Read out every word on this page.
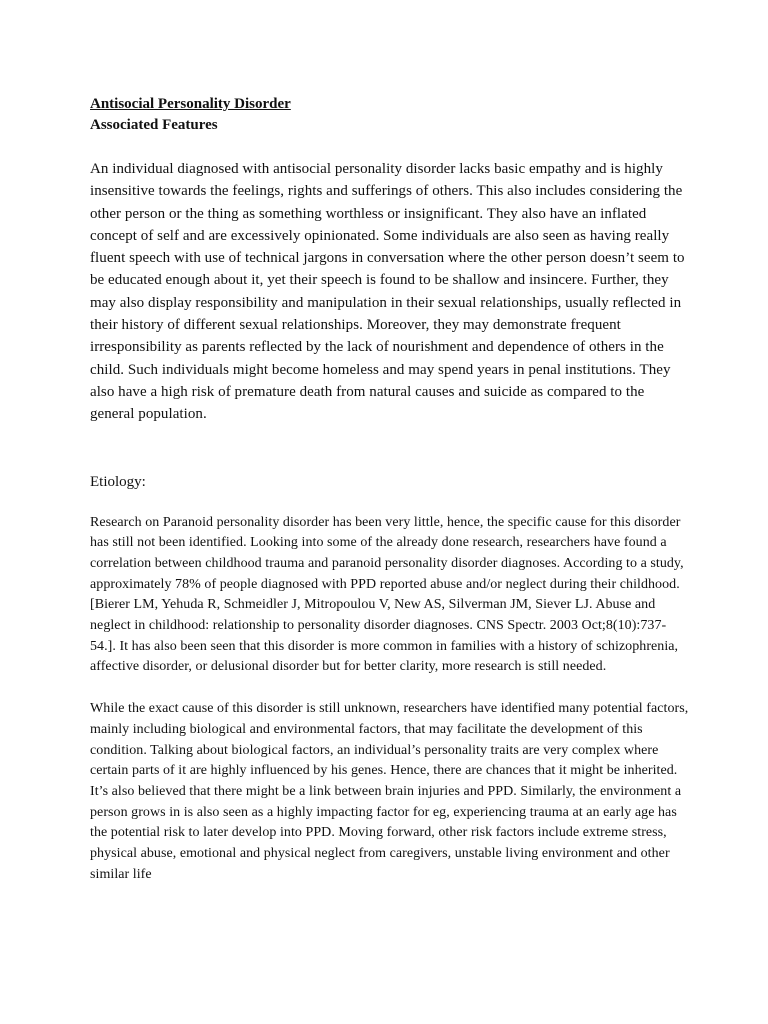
Antisocial Personality Disorder

Associated Features

An individual diagnosed with antisocial personality disorder lacks basic empathy and is highly insensitive towards the feelings, rights and sufferings of others. This also includes considering the other person or the thing as something worthless or insignificant. They also have an inflated concept of self and are excessively opinionated. Some individuals are also seen as having really fluent speech with use of technical jargons in conversation where the other person doesn’t seem to be educated enough about it, yet their speech is found to be shallow and insincere. Further, they may also display responsibility and manipulation in their sexual relationships, usually reflected in their history of different sexual relationships. Moreover, they may demonstrate frequent irresponsibility as parents reflected by the lack of nourishment and dependence of others in the child. Such individuals might become homeless and may spend years in penal institutions. They also have a high risk of premature death from natural causes and suicide as compared to the general population.

Etiology:

Research on Paranoid personality disorder has been very little, hence, the specific cause for this disorder has still not been identified. Looking into some of the already done research, researchers have found a correlation between childhood trauma and paranoid personality disorder diagnoses. According to a study, approximately 78% of people diagnosed with PPD reported abuse and/or neglect during their childhood. [Bierer LM, Yehuda R, Schmeidler J, Mitropoulou V, New AS, Silverman JM, Siever LJ. Abuse and neglect in childhood: relationship to personality disorder diagnoses. CNS Spectr. 2003 Oct;8(10):737-54.]. It has also been seen that this disorder is more common in families with a history of schizophrenia, affective disorder, or delusional disorder but for better clarity, more research is still needed.

While the exact cause of this disorder is still unknown, researchers have identified many potential factors, mainly including biological and environmental factors, that may facilitate the development of this condition. Talking about biological factors, an individual’s personality traits are very complex where certain parts of it are highly influenced by his genes. Hence, there are chances that it might be inherited. It’s also believed that there might be a link between brain injuries and PPD. Similarly, the environment a person grows in is also seen as a highly impacting factor for eg, experiencing trauma at an early age has the potential risk to later develop into PPD. Moving forward, other risk factors include extreme stress, physical abuse, emotional and physical neglect from caregivers, unstable living environment and other similar life
